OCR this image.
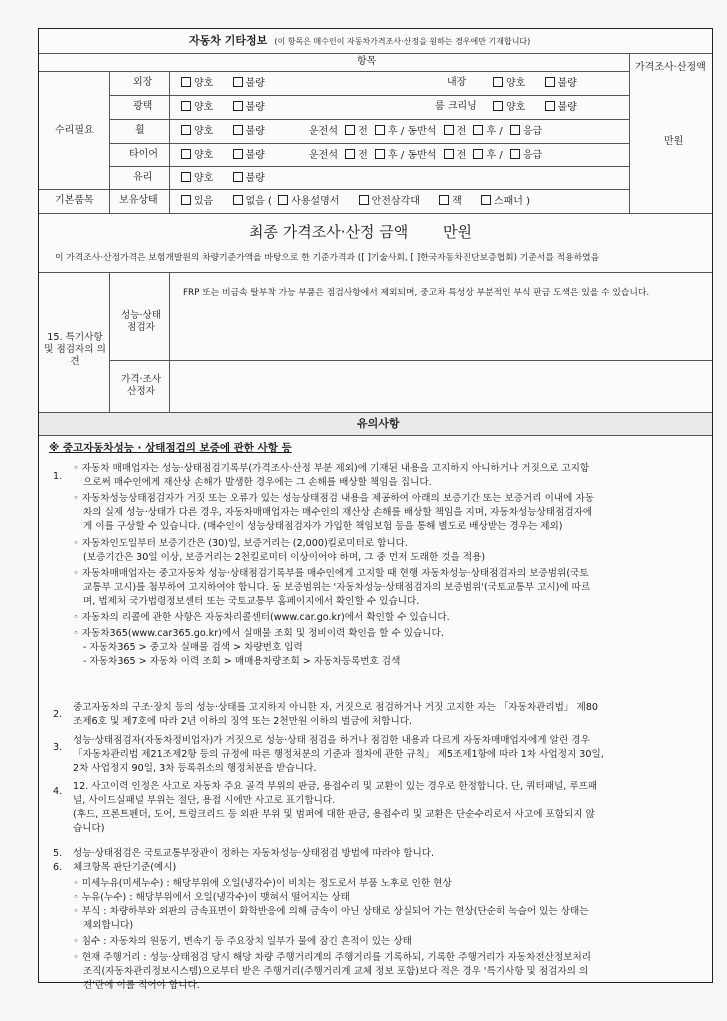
자동차 기타정보 (이 항목은 매수인이 자동차가격조사·산정을 원하는 경우에만 기재합니다)
항목
가격조사·산정액
수리필요
만원
외장	양호	불량	내장	양호	불량
광택	양호	불량	룸 크리닝	양호	불량
휠	양호	불량	운전석 전 후 / 동반석 전 후 / 응급
타이어	양호	불량	운전석 전 후 / 동반석 전 후 / 응급
유리	양호	불량
기본품목	보유상태	있음	없음 ( 사용설명서	안전삼각대	잭	스패너 )
최종 가격조사·산정 금액 만원
이 가격조사·산정가격은 보험개발원의 차량기준가액을 바탕으로 한 기준가격과 ([ ]기술사회, [ ]한국자동차진단보증협회) 기준서를 적용하였음
15. 특기사항 및 점검자의 의견
성능·상태 점검자
FRP 또는 비금속 탈부착 가능 부품은 점검사항에서 제외되며, 중고차 특성상 부분적인 부식 판금 도색은 있을 수 있습니다.
가격·조사 산정자
유의사항
※ 중고자동차성능 · 상태점검의 보증에 관한 사항 등
1.
2.
3.
4.
5.
6.
◦ 자동차 매매업자는 성능·상태점검기록부(가격조사·산정 부분 제외)에 기재된 내용을 고지하지 아니하거나 거짓으로 고지함
으로써 매수인에게 재산상 손해가 발생한 경우에는 그 손해를 배상할 책임을 집니다.
◦ 자동차성능상태점검자가 거짓 또는 오류가 있는 성능상태점검 내용을 제공하여 아래의 보증기간 또는 보증거리 이내에 자동
차의 실제 성능·상태가 다른 경우, 자동차매매업자는 매수인의 재산상 손해를 배상할 책임을 지며, 자동차성능상태점검자에
게 이를 구상할 수 있습니다. (매수인이 성능상태점검자가 가입한 책임보험 등을 통해 별도로 배상받는 경우는 제외)
◦ 자동차인도일부터 보증기간은 (30)일, 보증거리는 (2,000)킬로미터로 합니다.
(보증기간은 30일 이상, 보증거리는 2천킬로미터 이상이어야 하며, 그 중 먼저 도래한 것을 적용)
◦ 자동차매매업자는 중고자동차 성능·상태점검기록부를 매수인에게 고지할 때 현행 자동차성능·상태점검자의 보증범위(국토
교통부 고시)를 첨부하여 고지하여야 합니다. 동 보증범위는 '자동차성능·상태점검자의 보증범위'(국토교통부 고시)에 따르
며, 법제처 국가법령정보센터 또는 국토교통부 홈페이지에서 확인할 수 있습니다.
◦ 자동차의 리콜에 관한 사항은 자동차리콜센터(www.car.go.kr)에서 확인할 수 있습니다.
◦ 자동차365(www.car365.go.kr)에서 실매물 조회 및 정비이력 확인을 할 수 있습니다.
- 자동차365 > 중고차 실매물 검색 > 차량번호 입력
- 자동차365 > 자동차 이력 조회 > 매매용차량조회 > 자동차등록번호 검색
중고자동차의 구조·장치 등의 성능·상태를 고지하지 아니한 자, 거짓으로 점검하거나 거짓 고지한 자는 「자동차관리법」 제80
조제6호 및 제7호에 따라 2년 이하의 징역 또는 2천만원 이하의 벌금에 처합니다.
성능·상태점검자(자동차정비업자)가 거짓으로 성능·상태 점검을 하거나 점검한 내용과 다르게 자동차매매업자에게 알린 경우
「자동차관리법 제21조제2항 등의 규정에 따른 행정처분의 기준과 절차에 관한 규칙」 제5조제1항에 따라 1차 사업정지 30일,
2차 사업정지 90일, 3차 등록취소의 행정처분을 받습니다.
12. 사고이력 인정은 사고로 자동차 주요 골격 부위의 판금, 용접수리 및 교환이 있는 경우로 한정합니다. 단, 쿼터패널, 루프패
널, 사이드실패널 부위는 절단, 용접 시에만 사고로 표기합니다.
(후드, 프론트펜더, 도어, 트렁크리드 등 외판 부위 및 범퍼에 대한 판금, 용접수리 및 교환은 단순수리로서 사고에 포함되지 않
습니다)
성능·상태점검은 국토교통부장관이 정하는 자동차성능·상태점검 방법에 따라야 합니다.
체크항목 판단기준(예시)
◦ 미세누유(미세누수) : 해당부위에 오일(냉각수)이 비치는 정도로서 부품 노후로 인한 현상
◦ 누유(누수) : 해당부위에서 오일(냉각수)이 맺혀서 떨어지는 상태
◦ 부식 : 차량하부와 외판의 금속표면이 화학반응에 의해 금속이 아닌 상태로 상실되어 가는 현상(단순히 녹슬어 있는 상태는
제외합니다)
◦ 침수 : 자동차의 원동기, 변속기 등 주요장치 일부가 물에 잠긴 흔적이 있는 상태
◦ 현재 주행거리 : 성능·상태점검 당시 해당 차량 주행거리계의 주행거리를 기록하되, 기록한 주행거리가 자동차전산정보처리
조직(자동차관리정보시스템)으로부터 받은 주행거리(주행거리계 교체 정보 포함)보다 적은 경우 '특기사항 및 점검자의 의
견'란에 이를 적어야 합니다.
